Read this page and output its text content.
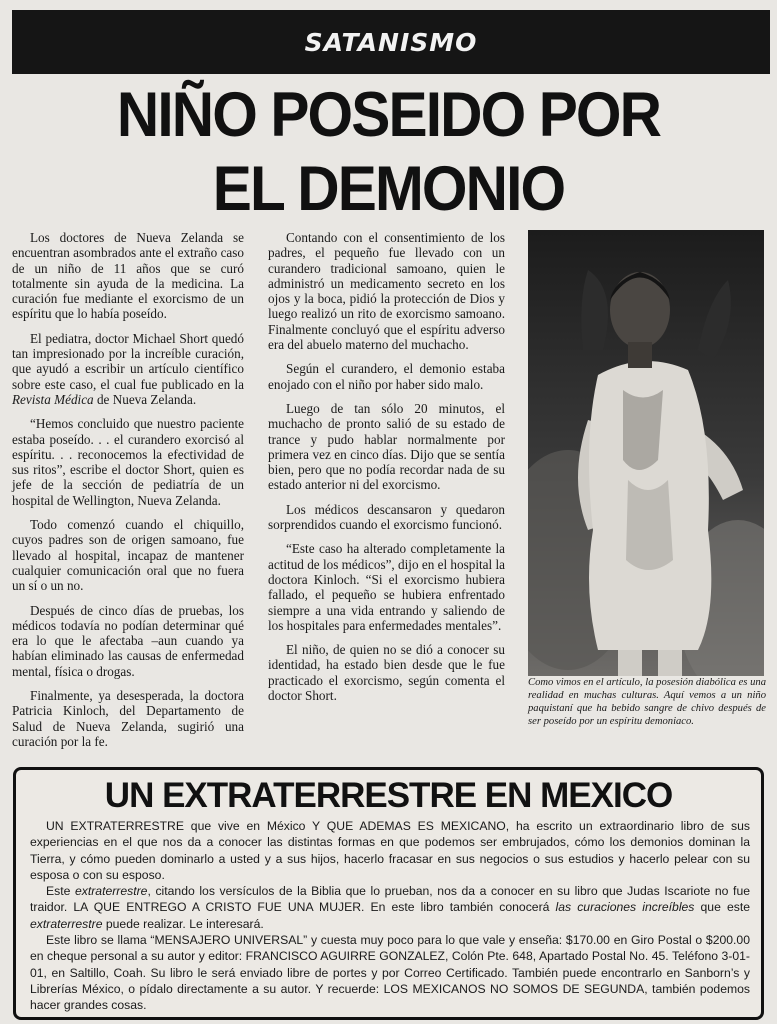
SATANISMO
NIÑO POSEIDO POR
EL DEMONIO

Los doctores de Nueva Zelanda se encuentran asombrados ante el extraño caso de un niño de 11 años que se curó totalmente sin ayuda de la medicina. La curación fue mediante el exorcismo de un espíritu que lo había poseído.

El pediatra, doctor Michael Short quedó tan impresionado por la increíble curación, que ayudó a escribir un artículo científico sobre este caso, el cual fue publicado en la Revista Médica de Nueva Zelanda.

“Hemos concluido que nuestro paciente estaba poseído. . . el curandero exorcisó al espíritu. . . reconocemos la efectividad de sus ritos”, escribe el doctor Short, quien es jefe de la sección de pediatría de un hospital de Wellington, Nueva Zelanda.

Todo comenzó cuando el chiquillo, cuyos padres son de origen samoano, fue llevado al hospital, incapaz de mantener cualquier comunicación oral que no fuera un sí o un no.

Después de cinco días de pruebas, los médicos todavía no podían determinar qué era lo que le afectaba –aun cuando ya habían eliminado las causas de enfermedad mental, física o drogas.

Finalmente, ya desesperada, la doctora Patricia Kinloch, del Departamento de Salud de Nueva Zelanda, sugirió una curación por la fe.

Contando con el consentimiento de los padres, el pequeño fue llevado con un curandero tradicional samoano, quien le administró un medicamento secreto en los ojos y la boca, pidió la protección de Dios y luego realizó un rito de exorcismo samoano. Finalmente concluyó que el espíritu adverso era del abuelo materno del muchacho.

Según el curandero, el demonio estaba enojado con el niño por haber sido malo.

Luego de tan sólo 20 minutos, el muchacho de pronto salió de su estado de trance y pudo hablar normalmente por primera vez en cinco días. Dijo que se sentía bien, pero que no podía recordar nada de su estado anterior ni del exorcismo.

Los médicos descansaron y quedaron sorprendidos cuando el exorcismo funcionó.

“Este caso ha alterado completamente la actitud de los médicos”, dijo en el hospital la doctora Kinloch. “Si el exorcismo hubiera fallado, el pequeño se hubiera enfrentado siempre a una vida entrando y saliendo de los hospitales para enfermedades mentales”.

El niño, de quien no se dió a conocer su identidad, ha estado bien desde que le fue practicado el exorcismo, según comenta el doctor Short.

Como vimos en el artículo, la posesión diabólica es una realidad en muchas culturas. Aquí vemos a un niño paquistaní que ha bebido sangre de chivo después de ser poseído por un espíritu demoniaco.
UN EXTRATERRESTRE EN MEXICO

UN EXTRATERRESTRE que vive en México Y QUE ADEMAS ES MEXICANO, ha escrito un extraordinario libro de sus experiencias en el que nos da a conocer las distintas formas en que podemos ser embrujados, cómo los demonios dominan la Tierra, y cómo pueden dominarlo a usted y a sus hijos, hacerlo fracasar en sus negocios o sus estudios y hacerlo pelear con su esposa o con su esposo.

Este extraterrestre, citando los versículos de la Biblia que lo prueban, nos da a conocer en su libro que Judas Iscariote no fue traidor. LA QUE ENTREGO A CRISTO FUE UNA MUJER. En este libro también conocerá las curaciones increíbles que este extraterrestre puede realizar. Le interesará.

Este libro se llama “MENSAJERO UNIVERSAL” y cuesta muy poco para lo que vale y enseña: $170.00 en Giro Postal o $200.00 en cheque personal a su autor y editor: FRANCISCO AGUIRRE GONZALEZ, Colón Pte. 648, Apartado Postal No. 45. Teléfono 3-01-01, en Saltillo, Coah. Su libro le será enviado libre de portes y por Correo Certificado. También puede encontrarlo en Sanborn’s y Librerías México, o pídalo directamente a su autor. Y recuerde: LOS MEXICANOS NO SOMOS DE SEGUNDA, también podemos hacer grandes cosas.
